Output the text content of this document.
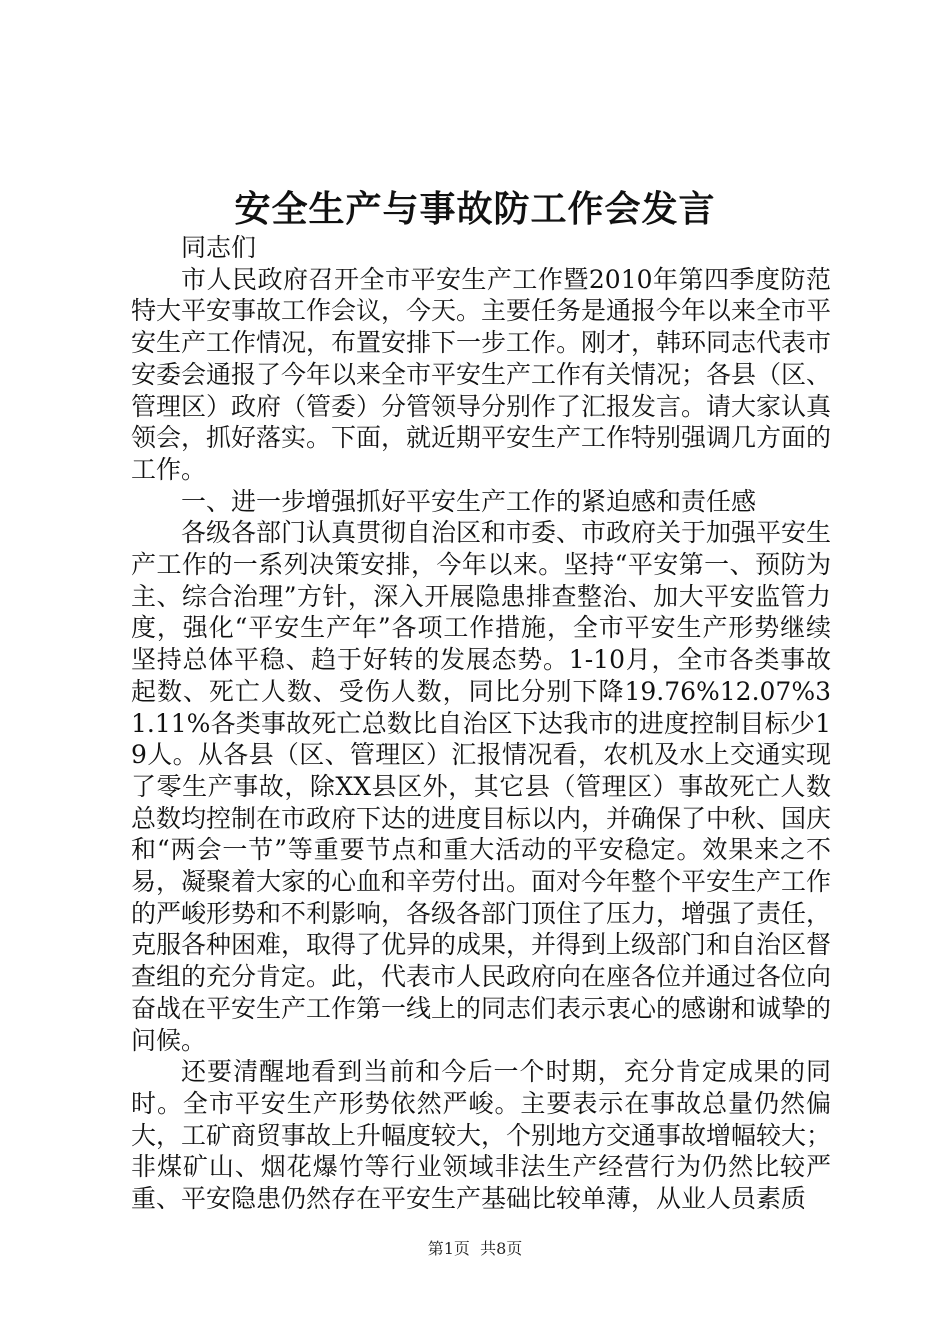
安全生产与事故防工作会发言

同志们

市人民政府召开全市平安生产工作暨2010年第四季度防范特大平安事故工作会议，今天。主要任务是通报今年以来全市平安生产工作情况，布置安排下一步工作。刚才，韩环同志代表市安委会通报了今年以来全市平安生产工作有关情况；各县（区、管理区）政府（管委）分管领导分别作了汇报发言。请大家认真领会，抓好落实。下面，就近期平安生产工作特别强调几方面的工作。

一、进一步增强抓好平安生产工作的紧迫感和责任感

各级各部门认真贯彻自治区和市委、市政府关于加强平安生产工作的一系列决策安排，今年以来。坚持“平安第一、预防为主、综合治理”方针，深入开展隐患排查整治、加大平安监管力度，强化“平安生产年”各项工作措施，全市平安生产形势继续坚持总体平稳、趋于好转的发展态势。1-10月，全市各类事故起数、死亡人数、受伤人数，同比分别下降19.76%12.07%31.11%各类事故死亡总数比自治区下达我市的进度控制目标少19人。从各县（区、管理区）汇报情况看，农机及水上交通实现了零生产事故，除XX县区外，其它县（管理区）事故死亡人数总数均控制在市政府下达的进度目标以内，并确保了中秋、国庆和“两会一节”等重要节点和重大活动的平安稳定。效果来之不易，凝聚着大家的心血和辛劳付出。面对今年整个平安生产工作的严峻形势和不利影响，各级各部门顶住了压力，增强了责任，克服各种困难，取得了优异的成果，并得到上级部门和自治区督查组的充分肯定。此，代表市人民政府向在座各位并通过各位向奋战在平安生产工作第一线上的同志们表示衷心的感谢和诚挚的问候。

还要清醒地看到当前和今后一个时期，充分肯定成果的同时。全市平安生产形势依然严峻。主要表示在事故总量仍然偏大，工矿商贸事故上升幅度较大，个别地方交通事故增幅较大；非煤矿山、烟花爆竹等行业领域非法生产经营行为仍然比较严重、平安隐患仍然存在平安生产基础比较单薄，从业人员素质

第1页 共8页
